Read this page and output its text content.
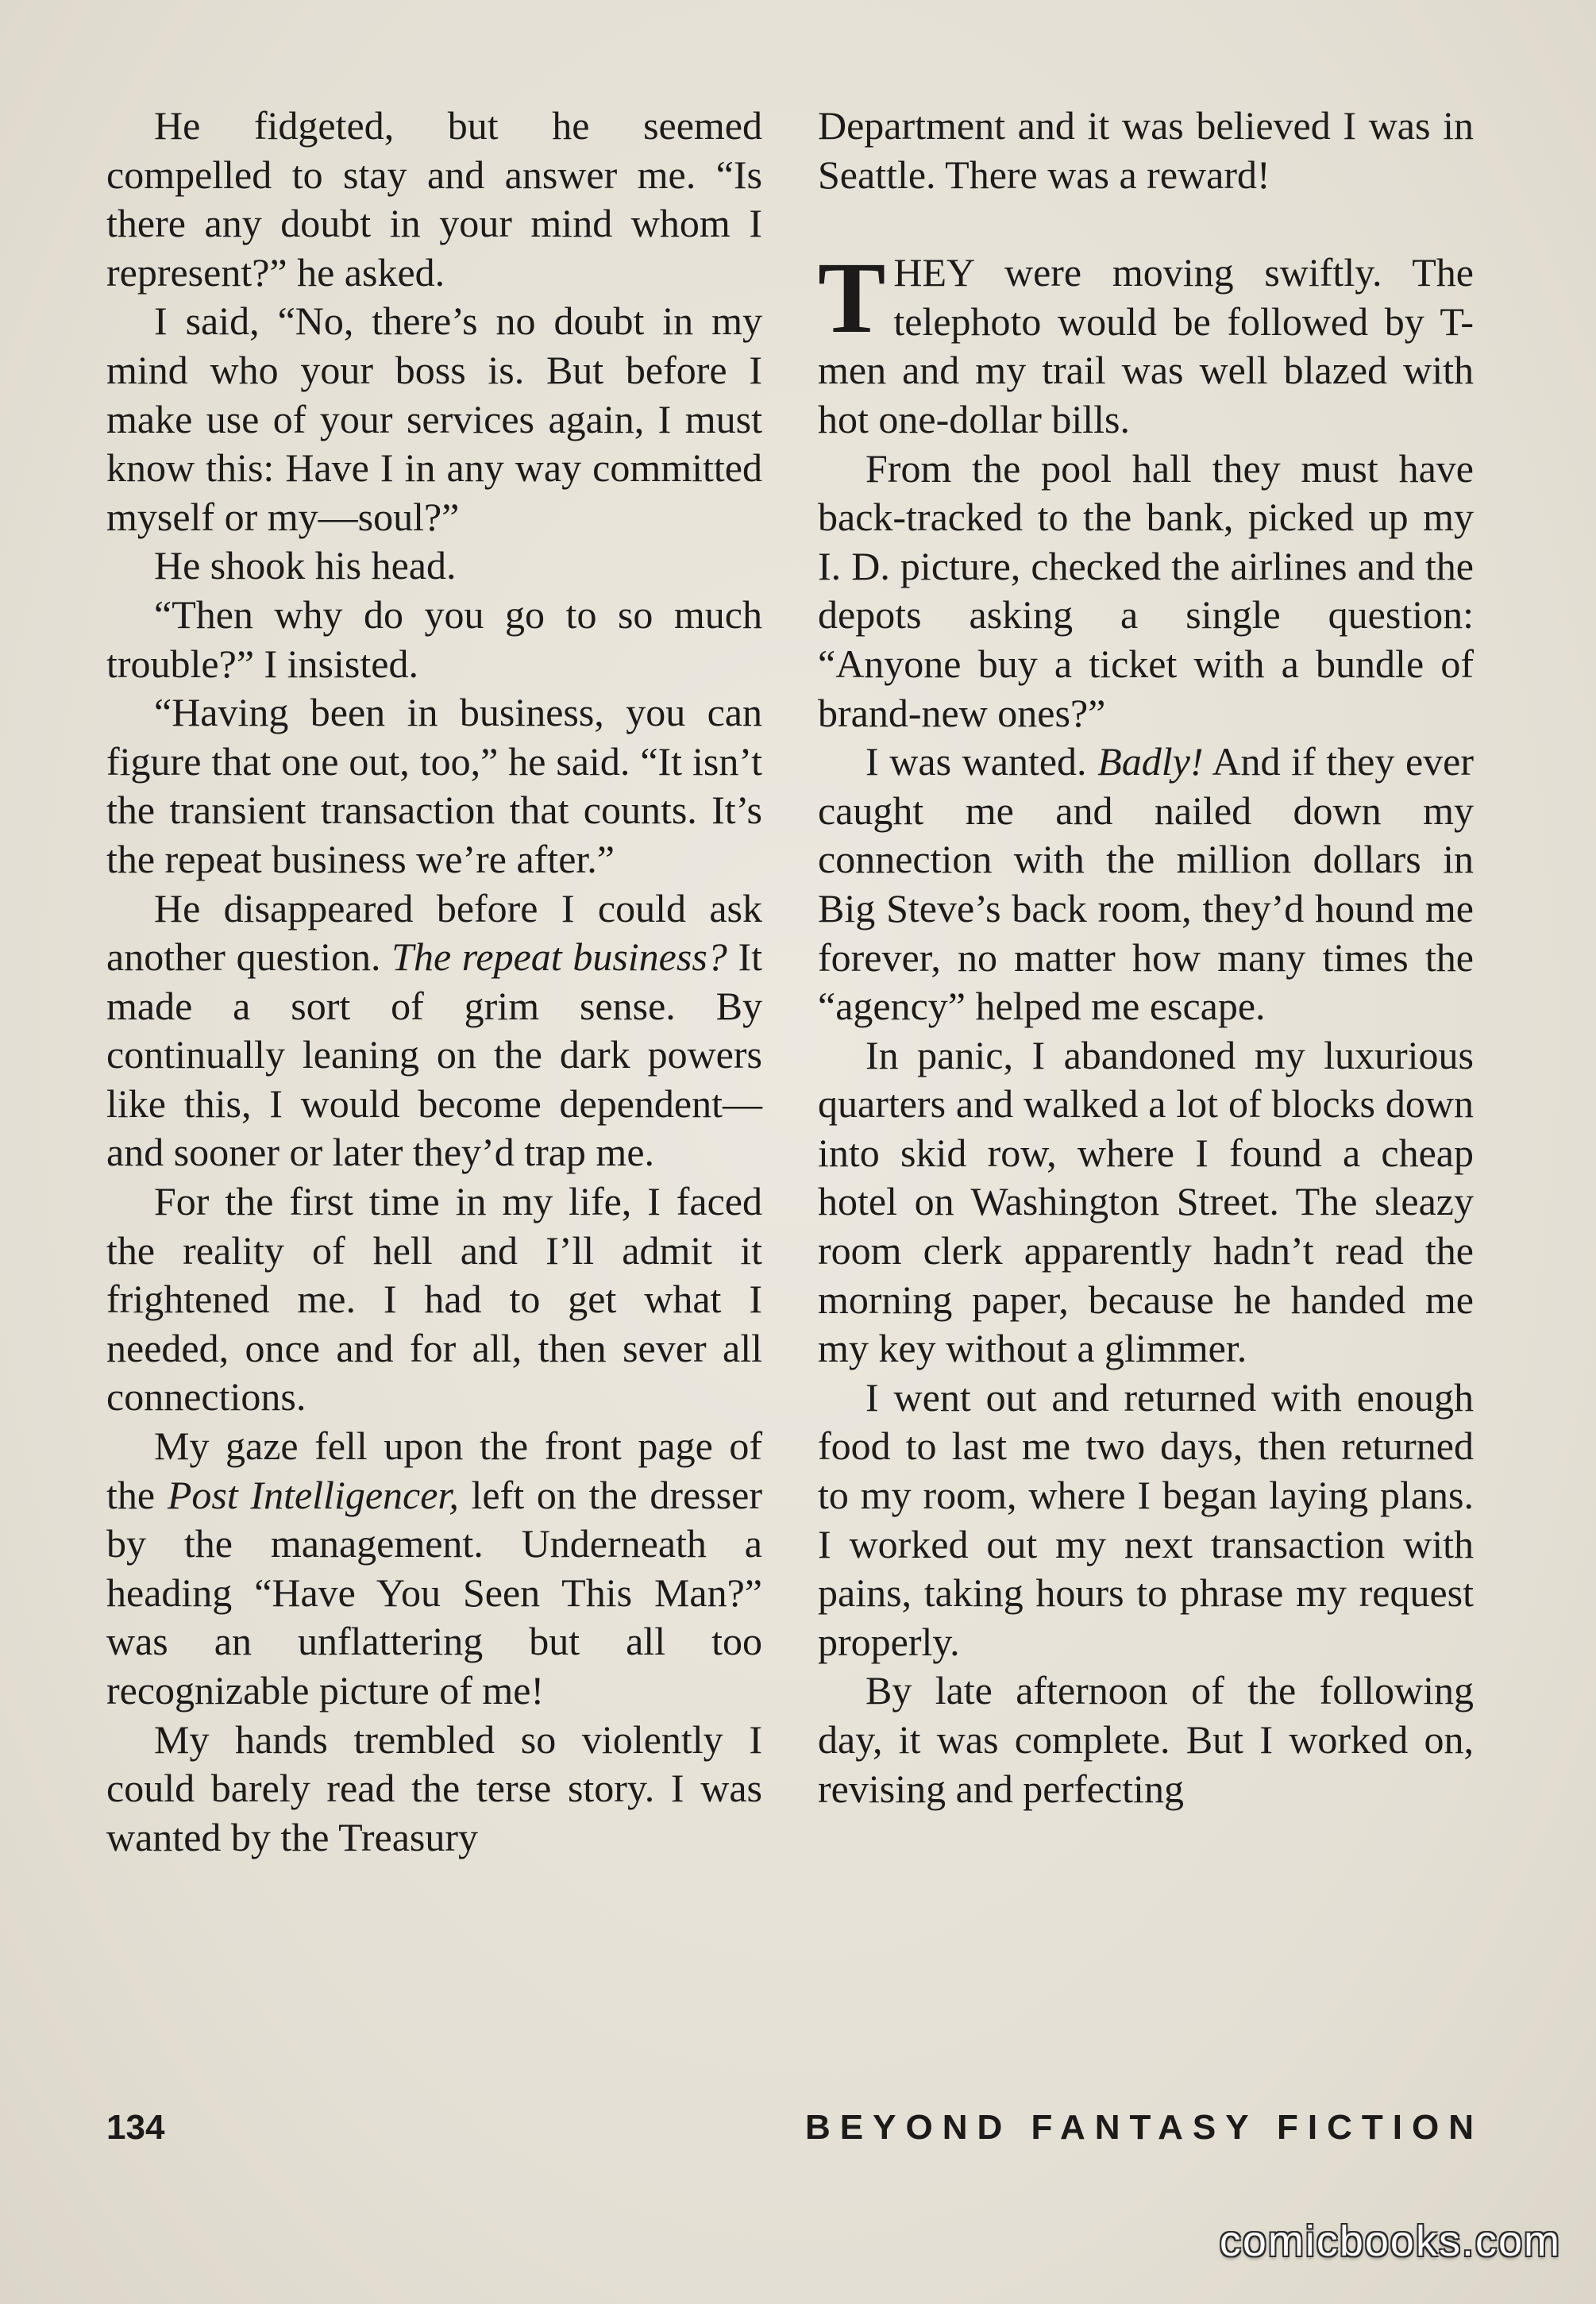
He fidgeted, but he seemed compelled to stay and answer me. “Is there any doubt in your mind whom I represent?” he asked.

I said, “No, there’s no doubt in my mind who your boss is. But before I make use of your services again, I must know this: Have I in any way committed myself or my—soul?”

He shook his head.

“Then why do you go to so much trouble?” I insisted.

“Having been in business, you can figure that one out, too,” he said. “It isn’t the transient transaction that counts. It’s the repeat business we’re after.”

He disappeared before I could ask another question. The repeat business? It made a sort of grim sense. By continually leaning on the dark powers like this, I would become dependent—and sooner or later they’d trap me.

For the first time in my life, I faced the reality of hell and I’ll admit it frightened me. I had to get what I needed, once and for all, then sever all connections.

My gaze fell upon the front page of the Post Intelligencer, left on the dresser by the management. Underneath a heading “Have You Seen This Man?” was an unflattering but all too recognizable picture of me!

My hands trembled so violently I could barely read the terse story. I was wanted by the Treasury

Department and it was believed I was in Seattle. There was a reward!

THEY were moving swiftly. The telephoto would be followed by T-men and my trail was well blazed with hot one-dollar bills.

From the pool hall they must have back-tracked to the bank, picked up my I. D. picture, checked the airlines and the depots asking a single question: “Anyone buy a ticket with a bundle of brand-new ones?”

I was wanted. Badly! And if they ever caught me and nailed down my connection with the million dollars in Big Steve’s back room, they’d hound me forever, no matter how many times the “agency” helped me escape.

In panic, I abandoned my luxurious quarters and walked a lot of blocks down into skid row, where I found a cheap hotel on Washington Street. The sleazy room clerk apparently hadn’t read the morning paper, because he handed me my key without a glimmer.

I went out and returned with enough food to last me two days, then returned to my room, where I began laying plans. I worked out my next transaction with pains, taking hours to phrase my request properly.

By late afternoon of the following day, it was complete. But I worked on, revising and perfecting

134	BEYOND FANTASY FICTION
comicbooks.com
